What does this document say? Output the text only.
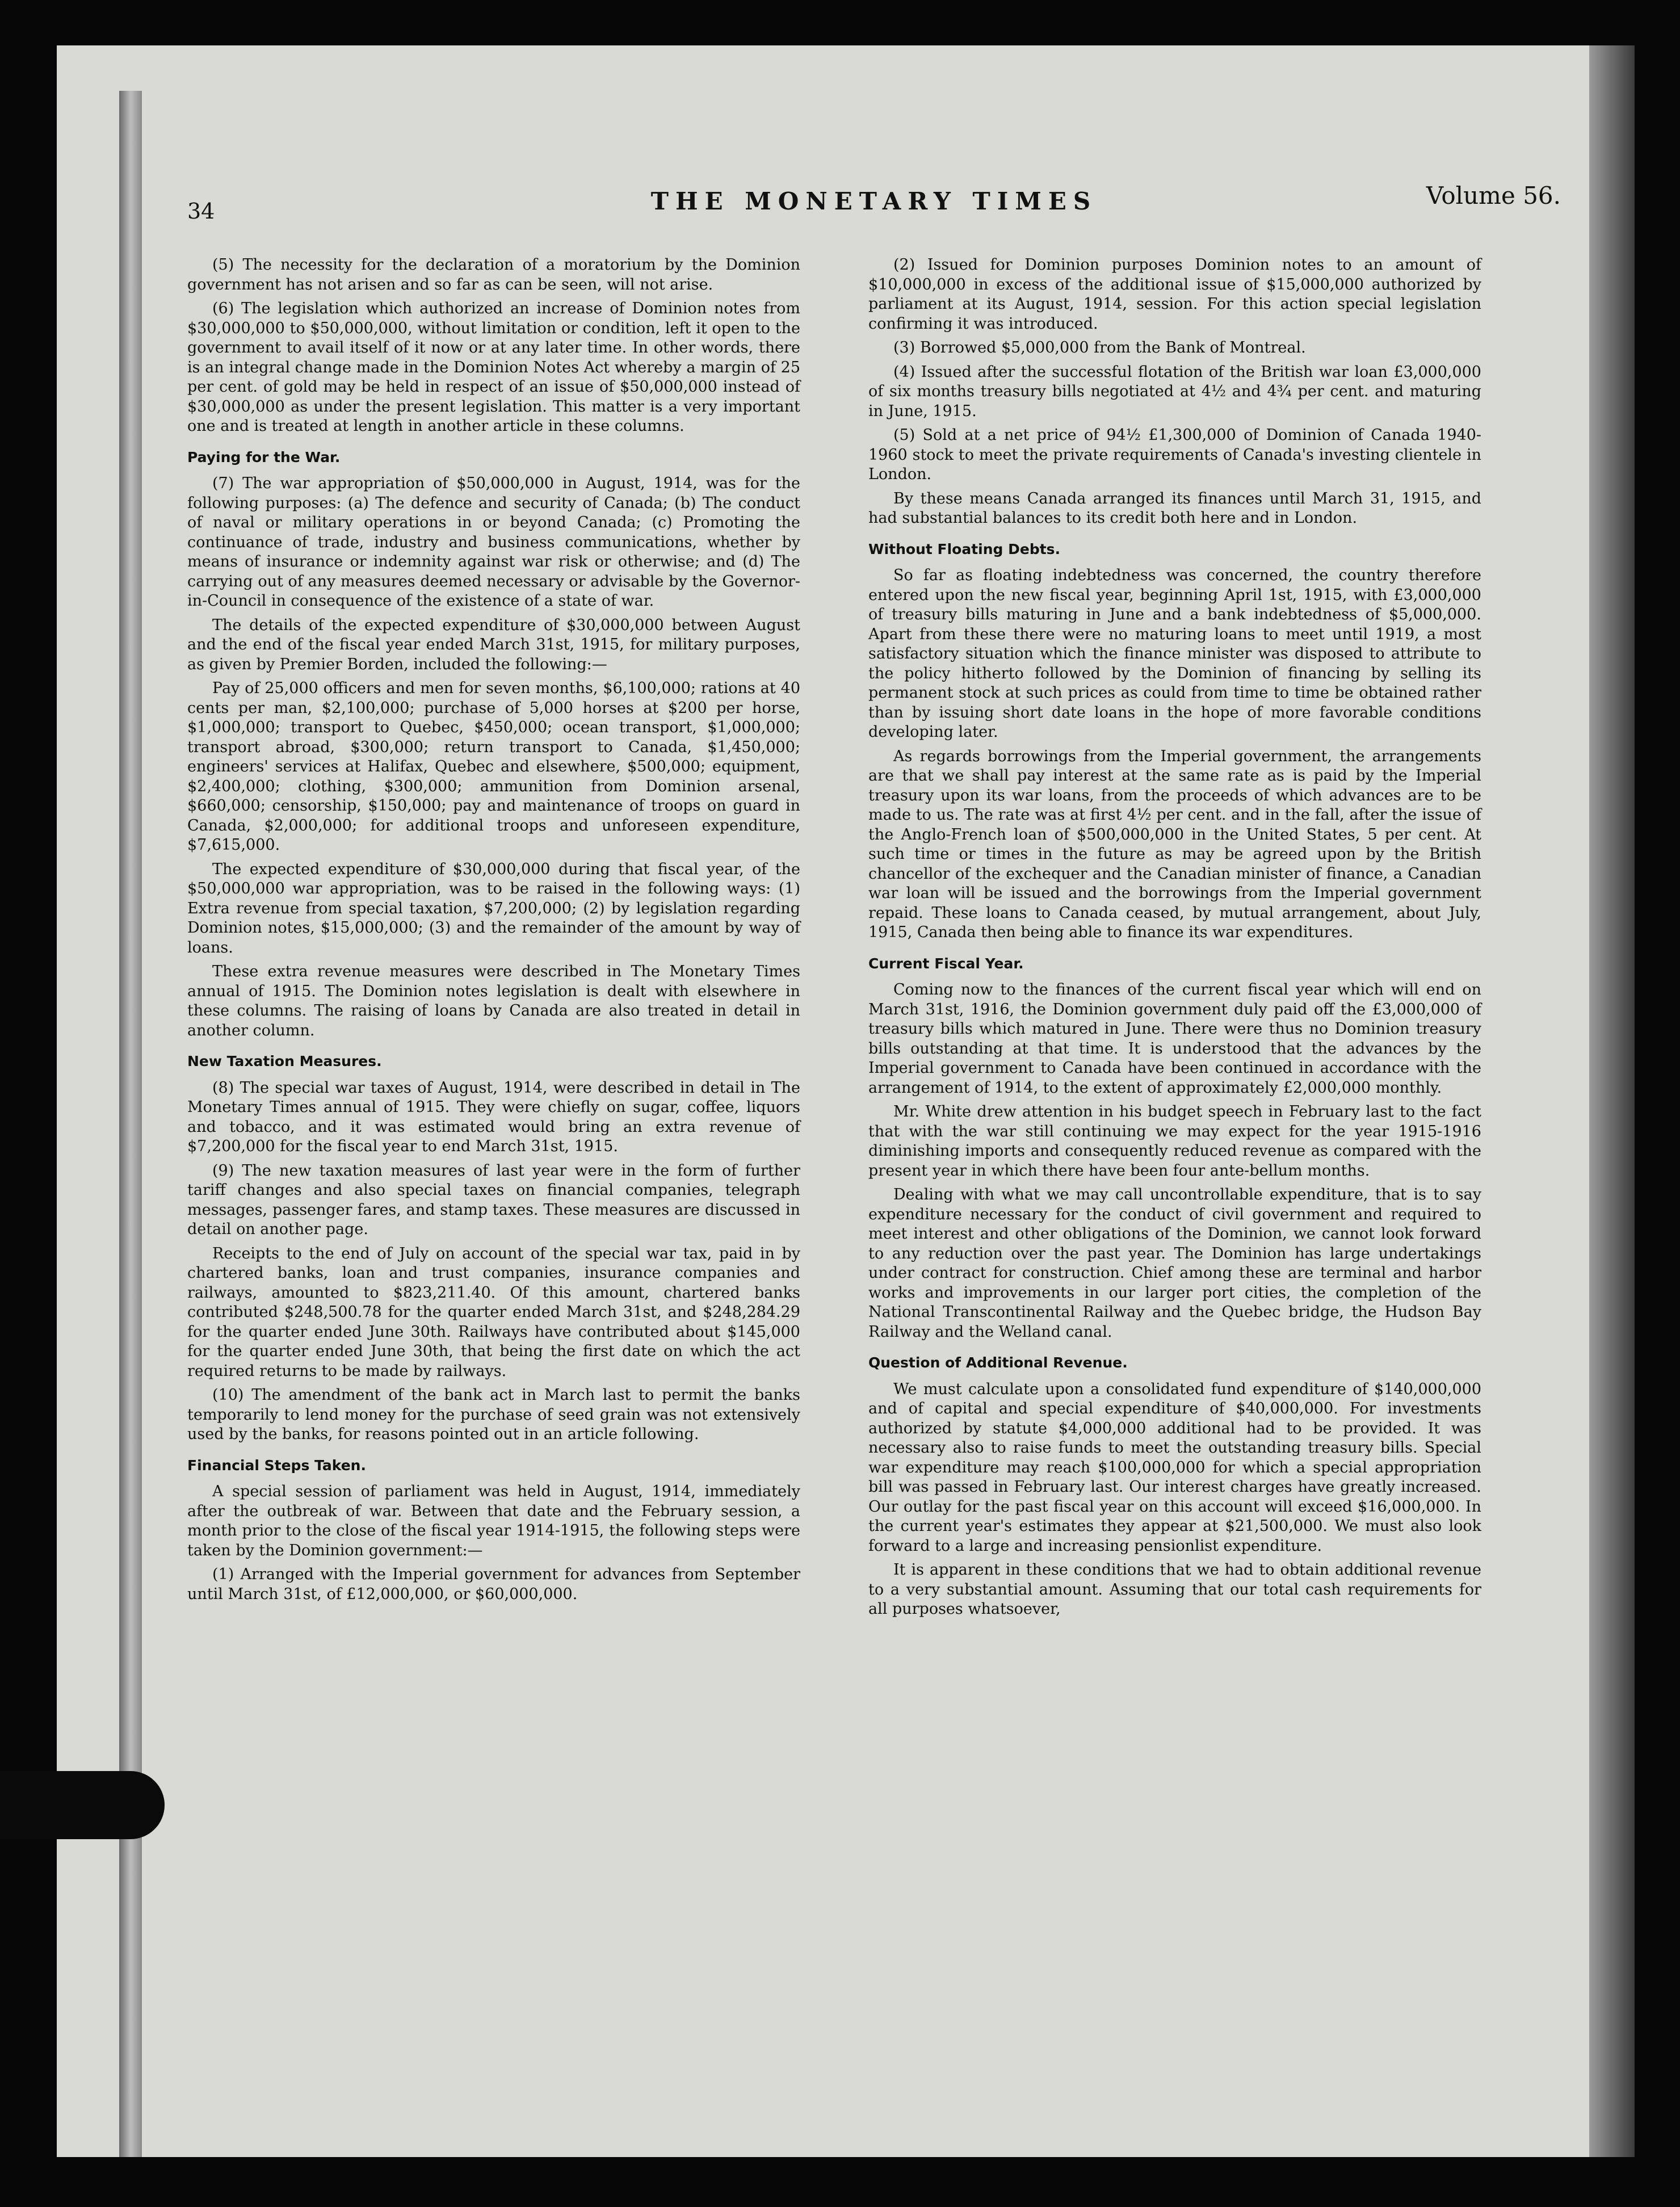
34	THE MONETARY TIMES	Volume 56.

(5) The necessity for the declaration of a moratorium by the Dominion government has not arisen and so far as can be seen, will not arise.

(6) The legislation which authorized an increase of Dominion notes from $30,000,000 to $50,000,000, without limitation or condition, left it open to the government to avail itself of it now or at any later time. In other words, there is an integral change made in the Dominion Notes Act whereby a margin of 25 per cent. of gold may be held in respect of an issue of $50,000,000 instead of $30,000,000 as under the present legislation. This matter is a very important one and is treated at length in another article in these columns.

Paying for the War.

(7) The war appropriation of $50,000,000 in August, 1914, was for the following purposes: (a) The defence and security of Canada; (b) The conduct of naval or military operations in or beyond Canada; (c) Promoting the continuance of trade, industry and business communications, whether by means of insurance or indemnity against war risk or otherwise; and (d) The carrying out of any measures deemed necessary or advisable by the Governor-in-Council in consequence of the existence of a state of war.

The details of the expected expenditure of $30,000,000 between August and the end of the fiscal year ended March 31st, 1915, for military purposes, as given by Premier Borden, included the following:—

Pay of 25,000 officers and men for seven months, $6,100,000; rations at 40 cents per man, $2,100,000; purchase of 5,000 horses at $200 per horse, $1,000,000; transport to Quebec, $450,000; ocean transport, $1,000,000; transport abroad, $300,000; return transport to Canada, $1,450,000; engineers' services at Halifax, Quebec and elsewhere, $500,000; equipment, $2,400,000; clothing, $300,000; ammunition from Dominion arsenal, $660,000; censorship, $150,000; pay and maintenance of troops on guard in Canada, $2,000,000; for additional troops and unforeseen expenditure, $7,615,000.

The expected expenditure of $30,000,000 during that fiscal year, of the $50,000,000 war appropriation, was to be raised in the following ways: (1) Extra revenue from special taxation, $7,200,000; (2) by legislation regarding Dominion notes, $15,000,000; (3) and the remainder of the amount by way of loans.

These extra revenue measures were described in The Monetary Times annual of 1915. The Dominion notes legislation is dealt with elsewhere in these columns. The raising of loans by Canada are also treated in detail in another column.

New Taxation Measures.

(8) The special war taxes of August, 1914, were described in detail in The Monetary Times annual of 1915. They were chiefly on sugar, coffee, liquors and tobacco, and it was estimated would bring an extra revenue of $7,200,000 for the fiscal year to end March 31st, 1915.

(9) The new taxation measures of last year were in the form of further tariff changes and also special taxes on financial companies, telegraph messages, passenger fares, and stamp taxes. These measures are discussed in detail on another page.

Receipts to the end of July on account of the special war tax, paid in by chartered banks, loan and trust companies, insurance companies and railways, amounted to $823,211.40. Of this amount, chartered banks contributed $248,500.78 for the quarter ended March 31st, and $248,284.29 for the quarter ended June 30th. Railways have contributed about $145,000 for the quarter ended June 30th, that being the first date on which the act required returns to be made by railways.

(10) The amendment of the bank act in March last to permit the banks temporarily to lend money for the purchase of seed grain was not extensively used by the banks, for reasons pointed out in an article following.

Financial Steps Taken.

A special session of parliament was held in August, 1914, immediately after the outbreak of war. Between that date and the February session, a month prior to the close of the fiscal year 1914-1915, the following steps were taken by the Dominion government:—

(1) Arranged with the Imperial government for advances from September until March 31st, of £12,000,000, or $60,000,000.

(2) Issued for Dominion purposes Dominion notes to an amount of $10,000,000 in excess of the additional issue of $15,000,000 authorized by parliament at its August, 1914, session. For this action special legislation confirming it was introduced.

(3) Borrowed $5,000,000 from the Bank of Montreal.

(4) Issued after the successful flotation of the British war loan £3,000,000 of six months treasury bills negotiated at 4½ and 4¾ per cent. and maturing in June, 1915.

(5) Sold at a net price of 94½ £1,300,000 of Dominion of Canada 1940-1960 stock to meet the private requirements of Canada's investing clientele in London.

By these means Canada arranged its finances until March 31, 1915, and had substantial balances to its credit both here and in London.

Without Floating Debts.

So far as floating indebtedness was concerned, the country therefore entered upon the new fiscal year, beginning April 1st, 1915, with £3,000,000 of treasury bills maturing in June and a bank indebtedness of $5,000,000. Apart from these there were no maturing loans to meet until 1919, a most satisfactory situation which the finance minister was disposed to attribute to the policy hitherto followed by the Dominion of financing by selling its permanent stock at such prices as could from time to time be obtained rather than by issuing short date loans in the hope of more favorable conditions developing later.

As regards borrowings from the Imperial government, the arrangements are that we shall pay interest at the same rate as is paid by the Imperial treasury upon its war loans, from the proceeds of which advances are to be made to us. The rate was at first 4½ per cent. and in the fall, after the issue of the Anglo-French loan of $500,000,000 in the United States, 5 per cent. At such time or times in the future as may be agreed upon by the British chancellor of the exchequer and the Canadian minister of finance, a Canadian war loan will be issued and the borrowings from the Imperial government repaid. These loans to Canada ceased, by mutual arrangement, about July, 1915, Canada then being able to finance its war expenditures.

Current Fiscal Year.

Coming now to the finances of the current fiscal year which will end on March 31st, 1916, the Dominion government duly paid off the £3,000,000 of treasury bills which matured in June. There were thus no Dominion treasury bills outstanding at that time. It is understood that the advances by the Imperial government to Canada have been continued in accordance with the arrangement of 1914, to the extent of approximately £2,000,000 monthly.

Mr. White drew attention in his budget speech in February last to the fact that with the war still continuing we may expect for the year 1915-1916 diminishing imports and consequently reduced revenue as compared with the present year in which there have been four ante-bellum months.

Dealing with what we may call uncontrollable expenditure, that is to say expenditure necessary for the conduct of civil government and required to meet interest and other obligations of the Dominion, we cannot look forward to any reduction over the past year. The Dominion has large undertakings under contract for construction. Chief among these are terminal and harbor works and improvements in our larger port cities, the completion of the National Transcontinental Railway and the Quebec bridge, the Hudson Bay Railway and the Welland canal.

Question of Additional Revenue.

We must calculate upon a consolidated fund expenditure of $140,000,000 and of capital and special expenditure of $40,000,000. For investments authorized by statute $4,000,000 additional had to be provided. It was necessary also to raise funds to meet the outstanding treasury bills. Special war expenditure may reach $100,000,000 for which a special appropriation bill was passed in February last. Our interest charges have greatly increased. Our outlay for the past fiscal year on this account will exceed $16,000,000. In the current year's estimates they appear at $21,500,000. We must also look forward to a large and increasing pensionlist expenditure.

It is apparent in these conditions that we had to obtain additional revenue to a very substantial amount. Assuming that our total cash requirements for all purposes whatsoever,
